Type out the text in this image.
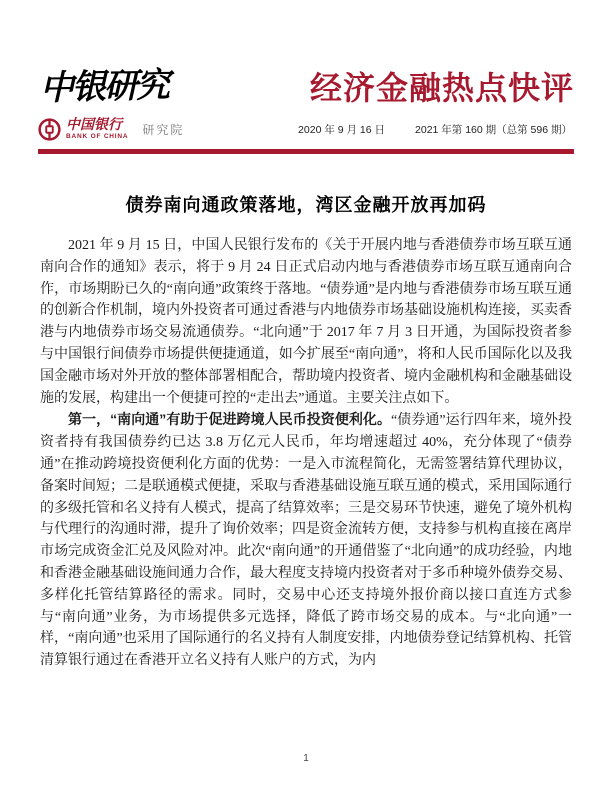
中银研究	经济金融热点快评
中国银行
BANK OF CHINA 研究院	2020 年 9 月 16 日	2021 年第 160 期（总第 596 期）
债券南向通政策落地，湾区金融开放再加码

2021 年 9 月 15 日，中国人民银行发布的《关于开展内地与香港债券市场互联互通南向合作的通知》表示，将于 9 月 24 日正式启动内地与香港债券市场互联互通南向合作，市场期盼已久的“南向通”政策终于落地。“债券通”是内地与香港债券市场互联互通的创新合作机制，境内外投资者可通过香港与内地债券市场基础设施机构连接，买卖香港与内地债券市场交易流通债券。“北向通”于 2017 年 7 月 3 日开通，为国际投资者参与中国银行间债券市场提供便捷通道，如今扩展至“南向通”，将和人民币国际化以及我国金融市场对外开放的整体部署相配合，帮助境内投资者、境内金融机构和金融基础设施的发展，构建出一个便捷可控的“走出去”通道。主要关注点如下。

第一，“南向通”有助于促进跨境人民币投资便利化。“债券通”运行四年来，境外投资者持有我国债券约已达 3.8 万亿元人民币，年均增速超过 40%，充分体现了“债券通”在推动跨境投资便利化方面的优势：一是入市流程简化，无需签署结算代理协议，备案时间短；二是联通模式便捷，采取与香港基础设施互联互通的模式，采用国际通行的多级托管和名义持有人模式，提高了结算效率；三是交易环节快速，避免了境外机构与代理行的沟通时滞，提升了询价效率；四是资金流转方便，支持参与机构直接在离岸市场完成资金汇兑及风险对冲。此次“南向通”的开通借鉴了“北向通”的成功经验，内地和香港金融基础设施间通力合作，最大程度支持境内投资者对于多币种境外债券交易、多样化托管结算路径的需求。同时，交易中心还支持境外报价商以接口直连方式参与“南向通”业务，为市场提供多元选择，降低了跨市场交易的成本。与“北向通”一样，“南向通”也采用了国际通行的名义持有人制度安排，内地债券登记结算机构、托管清算银行通过在香港开立名义持有人账户的方式，为内

1
